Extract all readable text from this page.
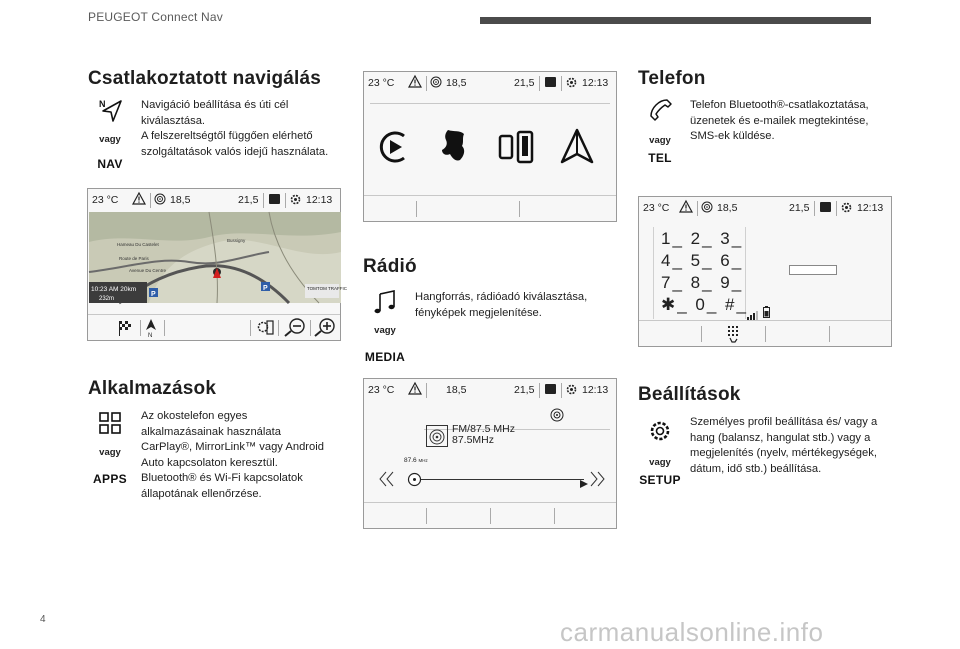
PEUGEOT Connect Nav
4	carmanualsonline.info
Csatlakoztatott navigálás
N
vagy
NAV

Navigáció beállítása és úti cél kiválasztása.

A felszereltségtől függően elérhető szolgáltatások valós idejű használata.

23 °C	18,5	21,5	12:13
10:23 AM 20km
232m
P
P	TOMTOM TRAFFIC
Hameau Du Castelet
Bussigny
Route de Paris
Avenue Du Centre
N
Alkalmazások
vagy
APPS

Az okostelefon egyes

alkalmazásainak használata

CarPlay®, MirrorLink™ vagy Android

Auto kapcsolaton keresztül.

Bluetooth® és Wi-Fi kapcsolatok

állapotának ellenőrzése.

23 °C	18,5	21,5	12:13
Rádió
vagy
MEDIA
Hangforrás, rádióadó kiválasztása, fényképek megjelenítése.
23 °C	18,5	21,5	12:13
FM/87.5 MHz
87.5MHz
87.6 MHz
Telefon
vagy
TEL
Telefon Bluetooth®-csatlakoztatása, üzenetek és e-mailek megtekintése, SMS-ek küldése.
23 °C	18,5	21,5	12:13
1_ 2_ 3_
4_ 5_ 6_
7_ 8_ 9_
✱_ 0_ #_
Beállítások
vagy
SETUP
Személyes profil beállítása és/ vagy a hang (balansz, hangulat stb.) vagy a megjelenítés (nyelv, mértékegységek, dátum, idő stb.) beállítása.
